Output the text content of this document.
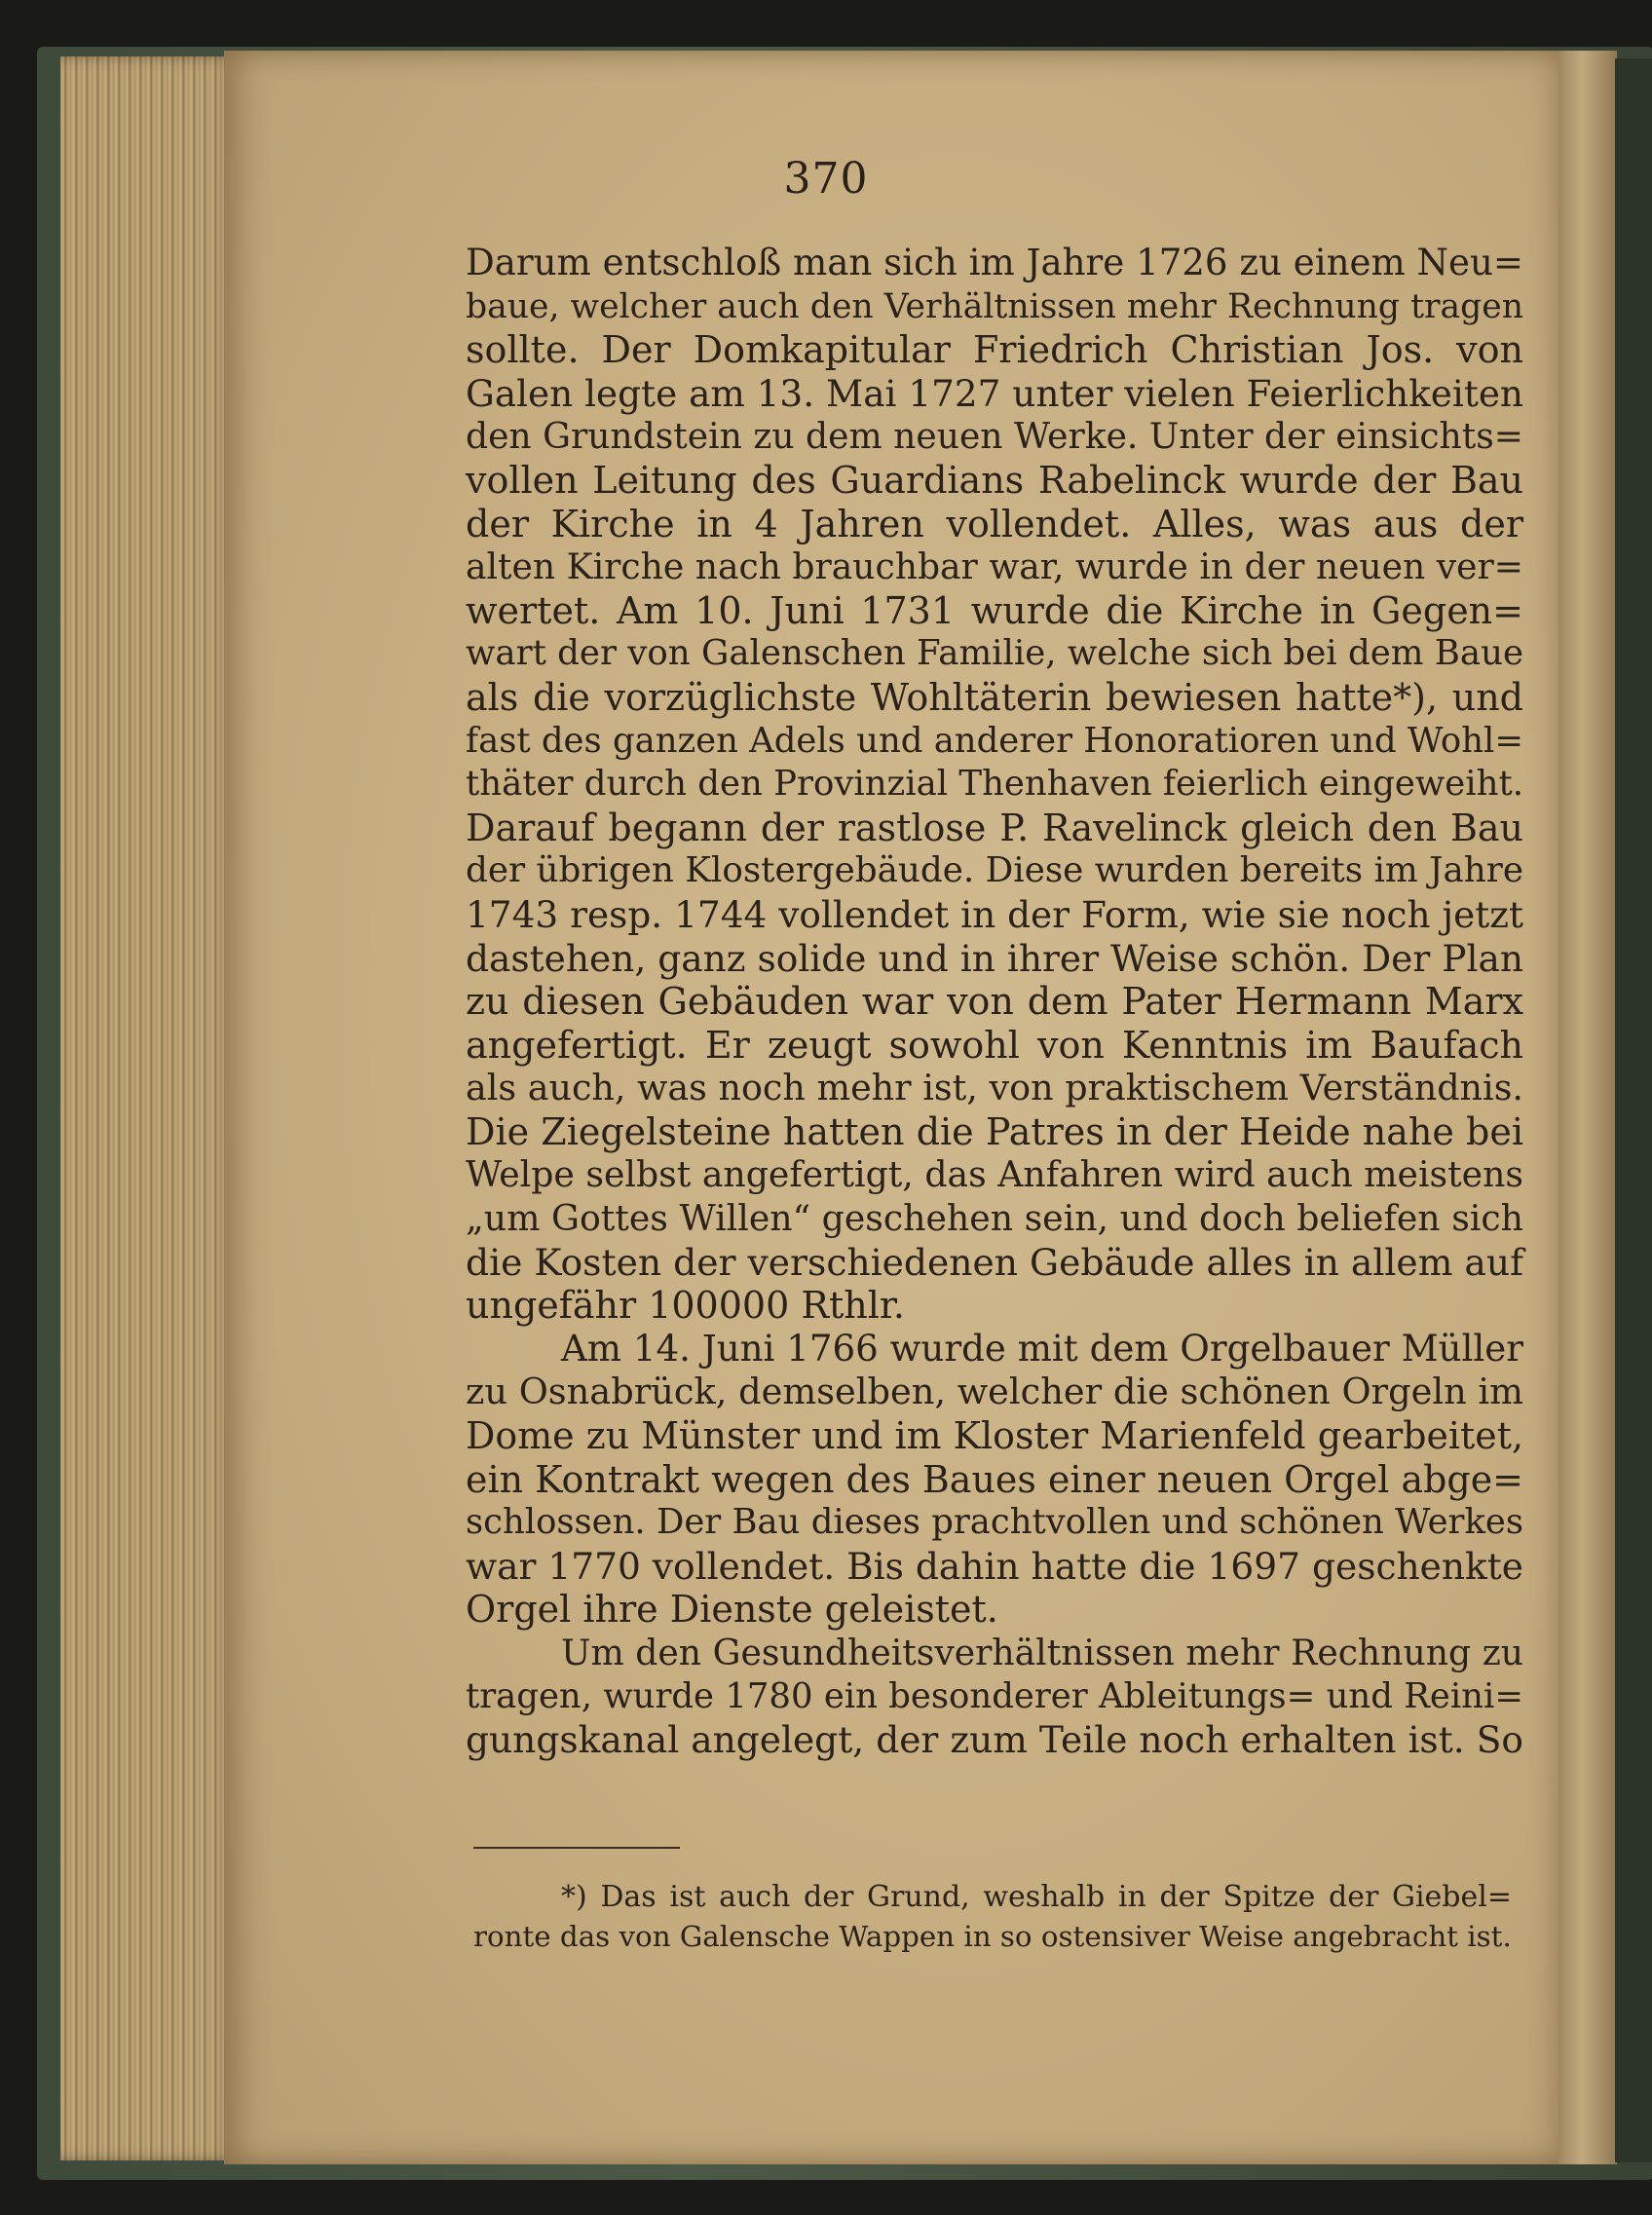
370
Darum entschloß man sich im Jahre 1726 zu einem Neu=
baue, welcher auch den Verhältnissen mehr Rechnung tragen
sollte. Der Domkapitular Friedrich Christian Jos. von
Galen legte am 13. Mai 1727 unter vielen Feierlichkeiten
den Grundstein zu dem neuen Werke. Unter der einsichts=
vollen Leitung des Guardians Rabelinck wurde der Bau
der Kirche in 4 Jahren vollendet. Alles, was aus der
alten Kirche nach brauchbar war, wurde in der neuen ver=
wertet. Am 10. Juni 1731 wurde die Kirche in Gegen=
wart der von Galenschen Familie, welche sich bei dem Baue
als die vorzüglichste Wohltäterin bewiesen hatte*), und
fast des ganzen Adels und anderer Honoratioren und Wohl=
thäter durch den Provinzial Thenhaven feierlich eingeweiht.
Darauf begann der rastlose P. Ravelinck gleich den Bau
der übrigen Klostergebäude. Diese wurden bereits im Jahre
1743 resp. 1744 vollendet in der Form, wie sie noch jetzt
dastehen, ganz solide und in ihrer Weise schön. Der Plan
zu diesen Gebäuden war von dem Pater Hermann Marx
angefertigt. Er zeugt sowohl von Kenntnis im Baufach
als auch, was noch mehr ist, von praktischem Verständnis.
Die Ziegelsteine hatten die Patres in der Heide nahe bei
Welpe selbst angefertigt, das Anfahren wird auch meistens
„um Gottes Willen“ geschehen sein, und doch beliefen sich
die Kosten der verschiedenen Gebäude alles in allem auf
ungefähr 100000 Rthlr.
Am 14. Juni 1766 wurde mit dem Orgelbauer Müller
zu Osnabrück, demselben, welcher die schönen Orgeln im
Dome zu Münster und im Kloster Marienfeld gearbeitet,
ein Kontrakt wegen des Baues einer neuen Orgel abge=
schlossen. Der Bau dieses prachtvollen und schönen Werkes
war 1770 vollendet. Bis dahin hatte die 1697 geschenkte
Orgel ihre Dienste geleistet.
Um den Gesundheitsverhältnissen mehr Rechnung zu
tragen, wurde 1780 ein besonderer Ableitungs= und Reini=
gungskanal angelegt, der zum Teile noch erhalten ist. So
*) Das ist auch der Grund, weshalb in der Spitze der Giebel=
ronte das von Galensche Wappen in so ostensiver Weise angebracht ist.
